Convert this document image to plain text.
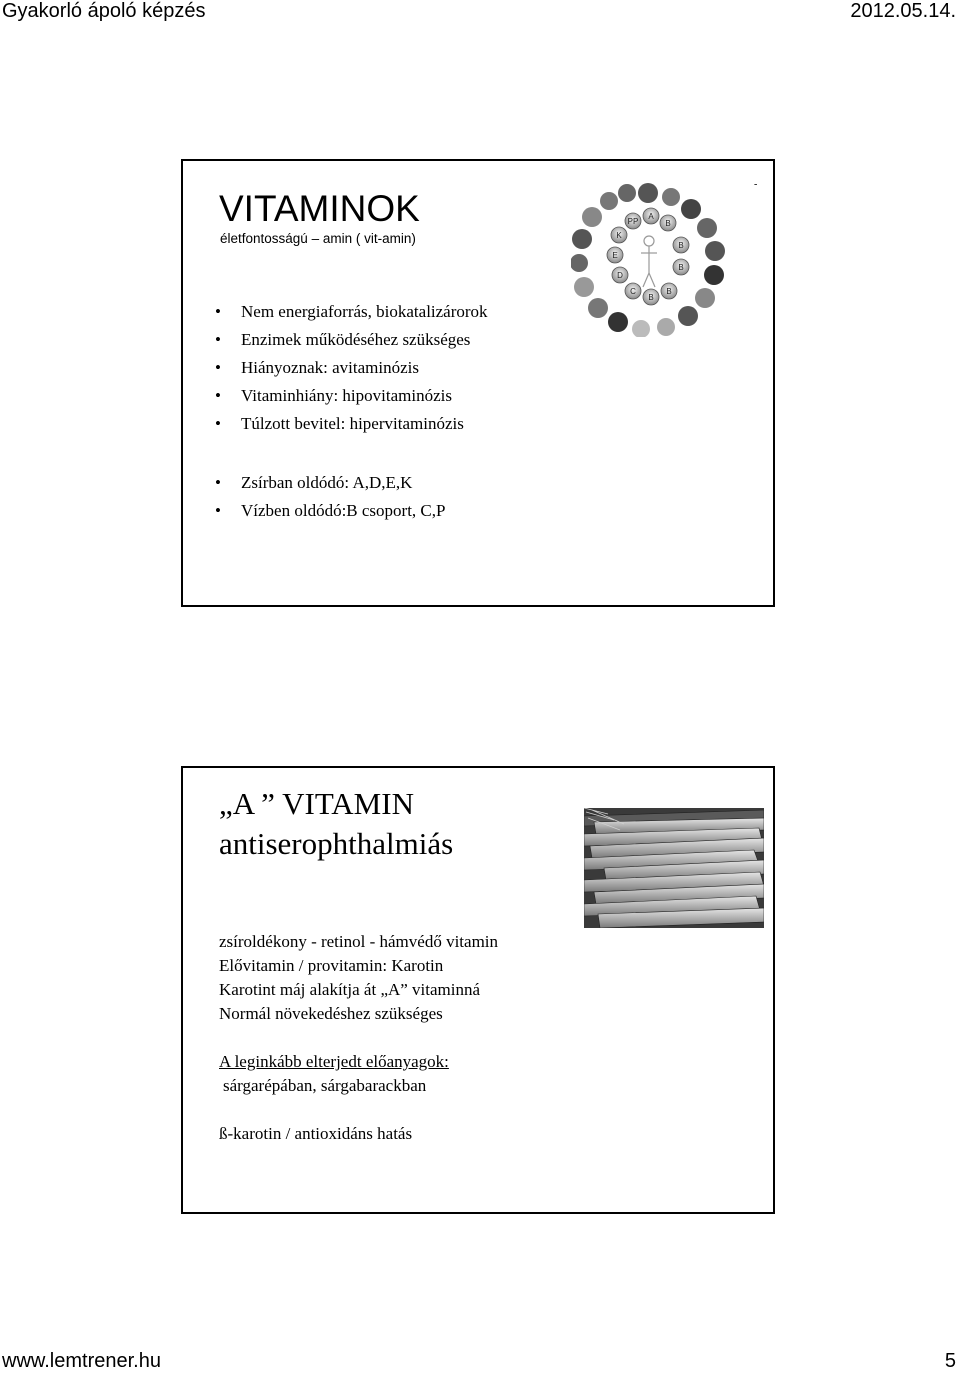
Gyakorló ápoló képzés	2012.05.14.
VITAMINOK
életfontosságú – amin ( vit-amin)
-
PP
A
B
K
E
D
C
B
B
B
B
• Nem energiaforrás, biokatalizárorok
• Enzimek működéséhez szükséges
• Hiányoznak: avitaminózis
• Vitaminhiány: hipovitaminózis
• Túlzott bevitel: hipervitaminózis
• Zsírban oldódó: A,D,E,K
• Vízben oldódó:B csoport, C,P
„A ” VITAMIN
antiserophthalmiás
zsíroldékony - retinol - hámvédő vitamin
Elővitamin / provitamin: Karotin
Karotint máj alakítja át „A” vitaminná
Normál növekedéshez szükséges
A leginkább elterjedt előanyagok:
sárgarépában, sárgabarackban
ß-karotin / antioxidáns hatás
www.lemtrener.hu	5
